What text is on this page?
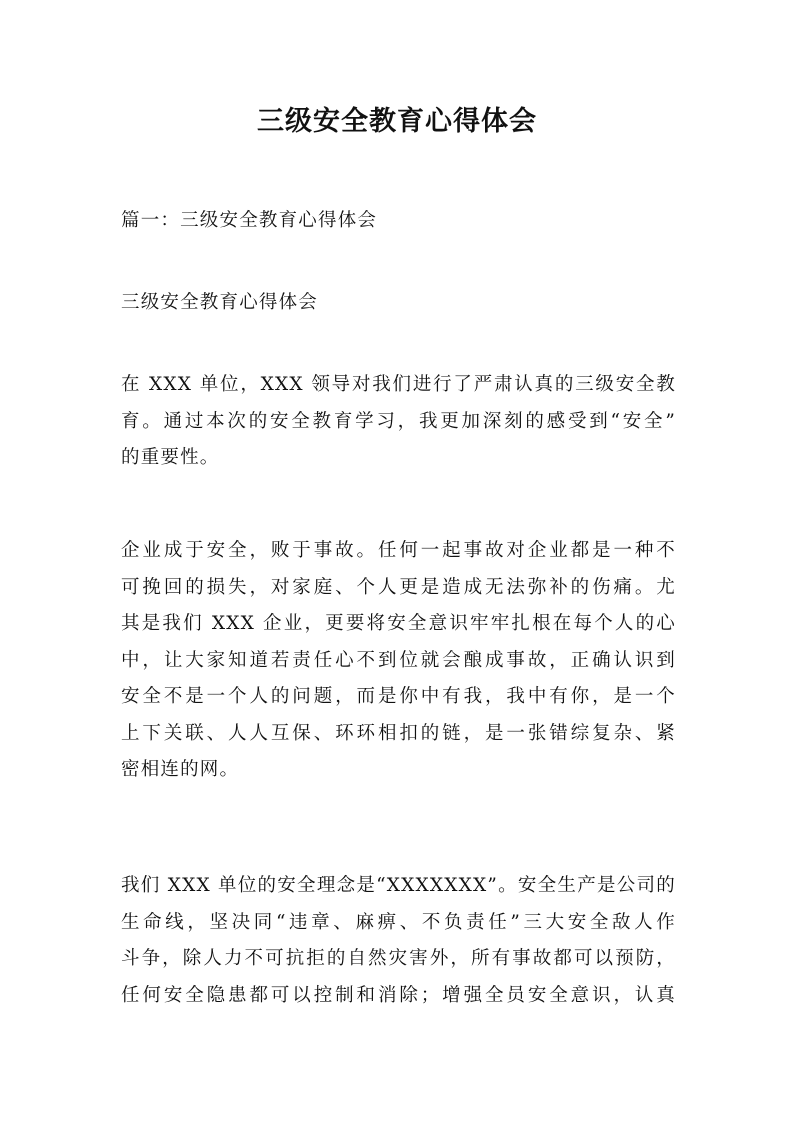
三级安全教育心得体会

篇一：三级安全教育心得体会

三级安全教育心得体会

在 XXX 单位，XXX 领导对我们进行了严肃认真的三级安全教
育。通过本次的安全教育学习，我更加深刻的感受到“安全”
的重要性。

企业成于安全，败于事故。任何一起事故对企业都是一种不
可挽回的损失，对家庭、个人更是造成无法弥补的伤痛。尤
其是我们 XXX 企业，更要将安全意识牢牢扎根在每个人的心
中，让大家知道若责任心不到位就会酿成事故，正确认识到
安全不是一个人的问题，而是你中有我，我中有你，是一个
上下关联、人人互保、环环相扣的链，是一张错综复杂、紧
密相连的网。

我们 XXX 单位的安全理念是“XXXXXXX”。安全生产是公司的
生命线，坚决同“违章、麻痹、不负责任”三大安全敌人作
斗争，除人力不可抗拒的自然灾害外，所有事故都可以预防，
任何安全隐患都可以控制和消除；增强全员安全意识，认真
